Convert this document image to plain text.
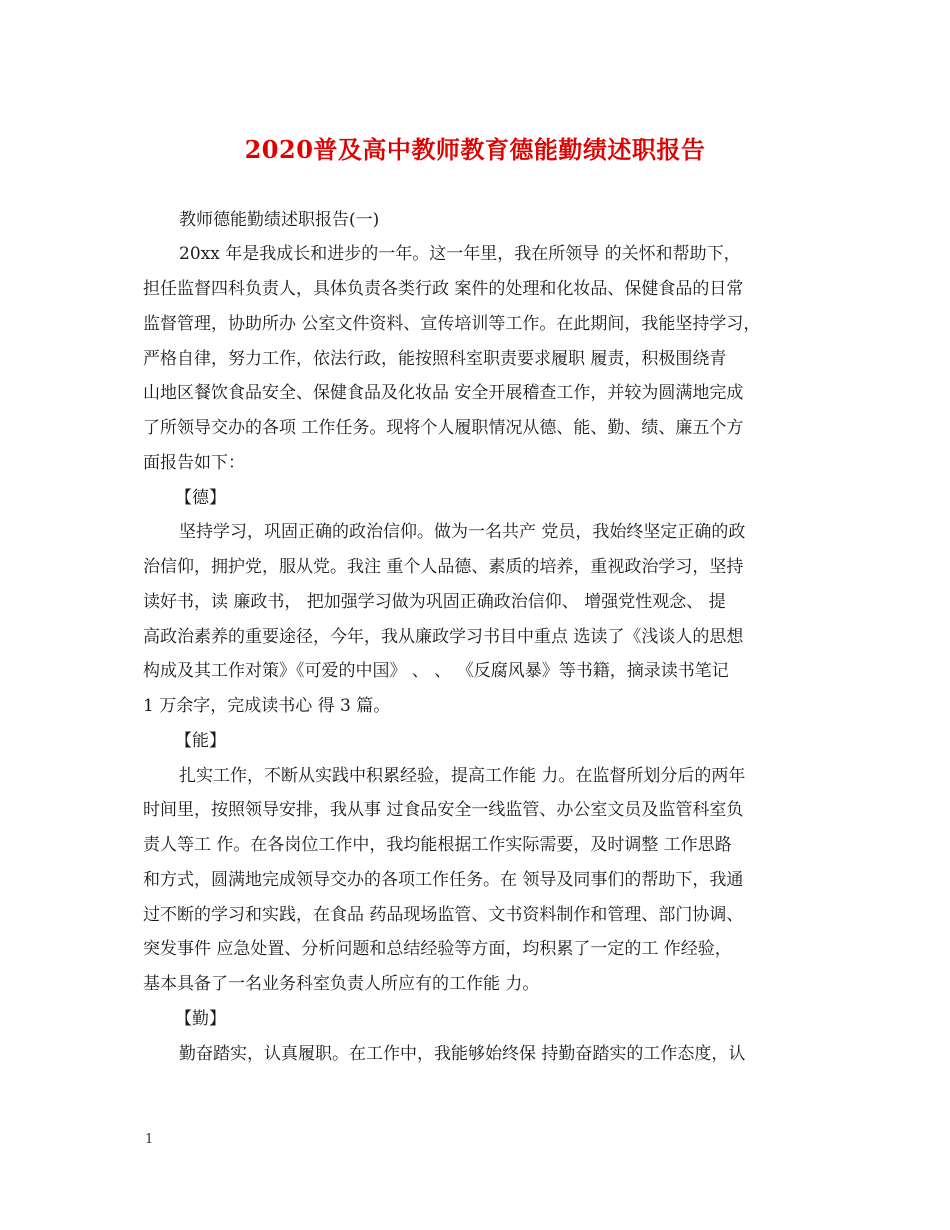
2020普及高中教师教育德能勤绩述职报告
教师德能勤绩述职报告(一)
20xx 年是我成长和进步的一年。这一年里，我在所领导 的关怀和帮助下，
担任监督四科负责人，具体负责各类行政 案件的处理和化妆品、保健食品的日常
监督管理，协助所办 公室文件资料、宣传培训等工作。在此期间，我能坚持学习，
严格自律，努力工作，依法行政，能按照科室职责要求履职 履责，积极围绕青
山地区餐饮食品安全、保健食品及化妆品 安全开展稽查工作，并较为圆满地完成
了所领导交办的各项 工作任务。现将个人履职情况从德、能、勤、绩、廉五个方
面报告如下：
【德】
坚持学习，巩固正确的政治信仰。做为一名共产 党员，我始终坚定正确的政
治信仰，拥护党，服从党。我注 重个人品德、素质的培养，重视政治学习，坚持
读好书，读 廉政书， 把加强学习做为巩固正确政治信仰、 增强党性观念、 提
高政治素养的重要途径，今年，我从廉政学习书目中重点 选读了《浅谈人的思想
构成及其工作对策》《可爱的中国》 、 、 《反腐风暴》等书籍，摘录读书笔记
1 万余字，完成读书心 得 3 篇。
【能】
扎实工作，不断从实践中积累经验，提高工作能 力。在监督所划分后的两年
时间里，按照领导安排，我从事 过食品安全一线监管、办公室文员及监管科室负
责人等工 作。在各岗位工作中，我均能根据工作实际需要，及时调整 工作思路
和方式，圆满地完成领导交办的各项工作任务。在 领导及同事们的帮助下，我通
过不断的学习和实践，在食品 药品现场监管、文书资料制作和管理、部门协调、
突发事件 应急处置、分析问题和总结经验等方面，均积累了一定的工 作经验，
基本具备了一名业务科室负责人所应有的工作能 力。
【勤】
勤奋踏实，认真履职。在工作中，我能够始终保 持勤奋踏实的工作态度，认
1
